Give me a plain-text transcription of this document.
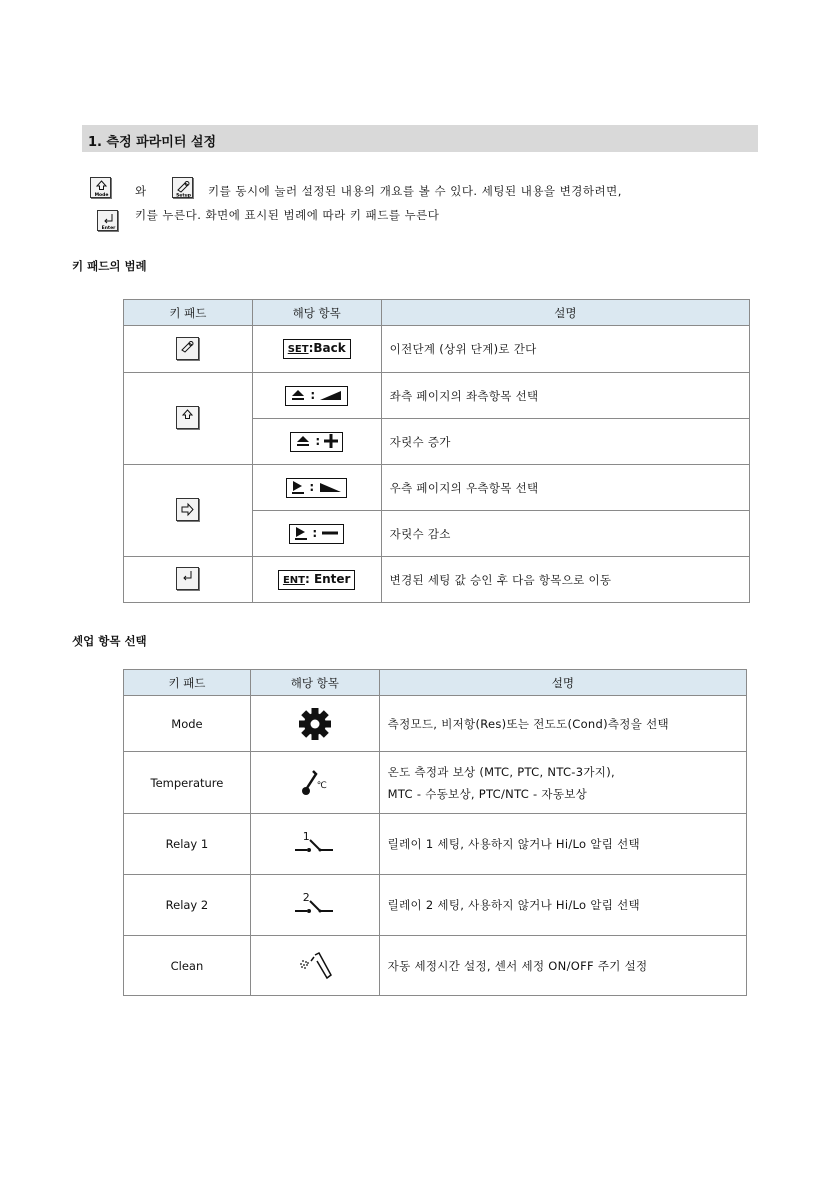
1. 측정 파라미터 설정
Mode 와	Setup 키를 동시에 눌러 설정된 내용의 개요를 볼 수 있다. 세팅된 내용을 변경하려면,
Enter
키를 누른다. 화면에 표시된 범례에 따라 키 패드를 누른다
키 패드의 범례
키 패드	해당 항목	설명
	SET:Back	이전단계 (상위 단계)로 간다
	:	좌측 페이지의 좌측항목 선택
	:	자릿수 증가
	:	우측 페이지의 우측항목 선택
	:	자릿수 감소
	ENT: Enter	변경된 세팅 값 승인 후 다음 항목으로 이동
셋업 항목 선택
키 패드	해당 항목	설명
Mode		측정모드, 비저항(Res)또는 전도도(Cond)측정을 선택
Temperature	℃	온도 측정과 보상 (MTC, PTC, NTC-3가지),
MTC - 수동보상, PTC/NTC - 자동보상

Relay 1	1	릴레이 1 세팅, 사용하지 않거나 Hi/Lo 알림 선택
Relay 2	2	릴레이 2 세팅, 사용하지 않거나 Hi/Lo 알림 선택
Clean		자동 세정시간 설정, 센서 세정 ON/OFF 주기 설정
